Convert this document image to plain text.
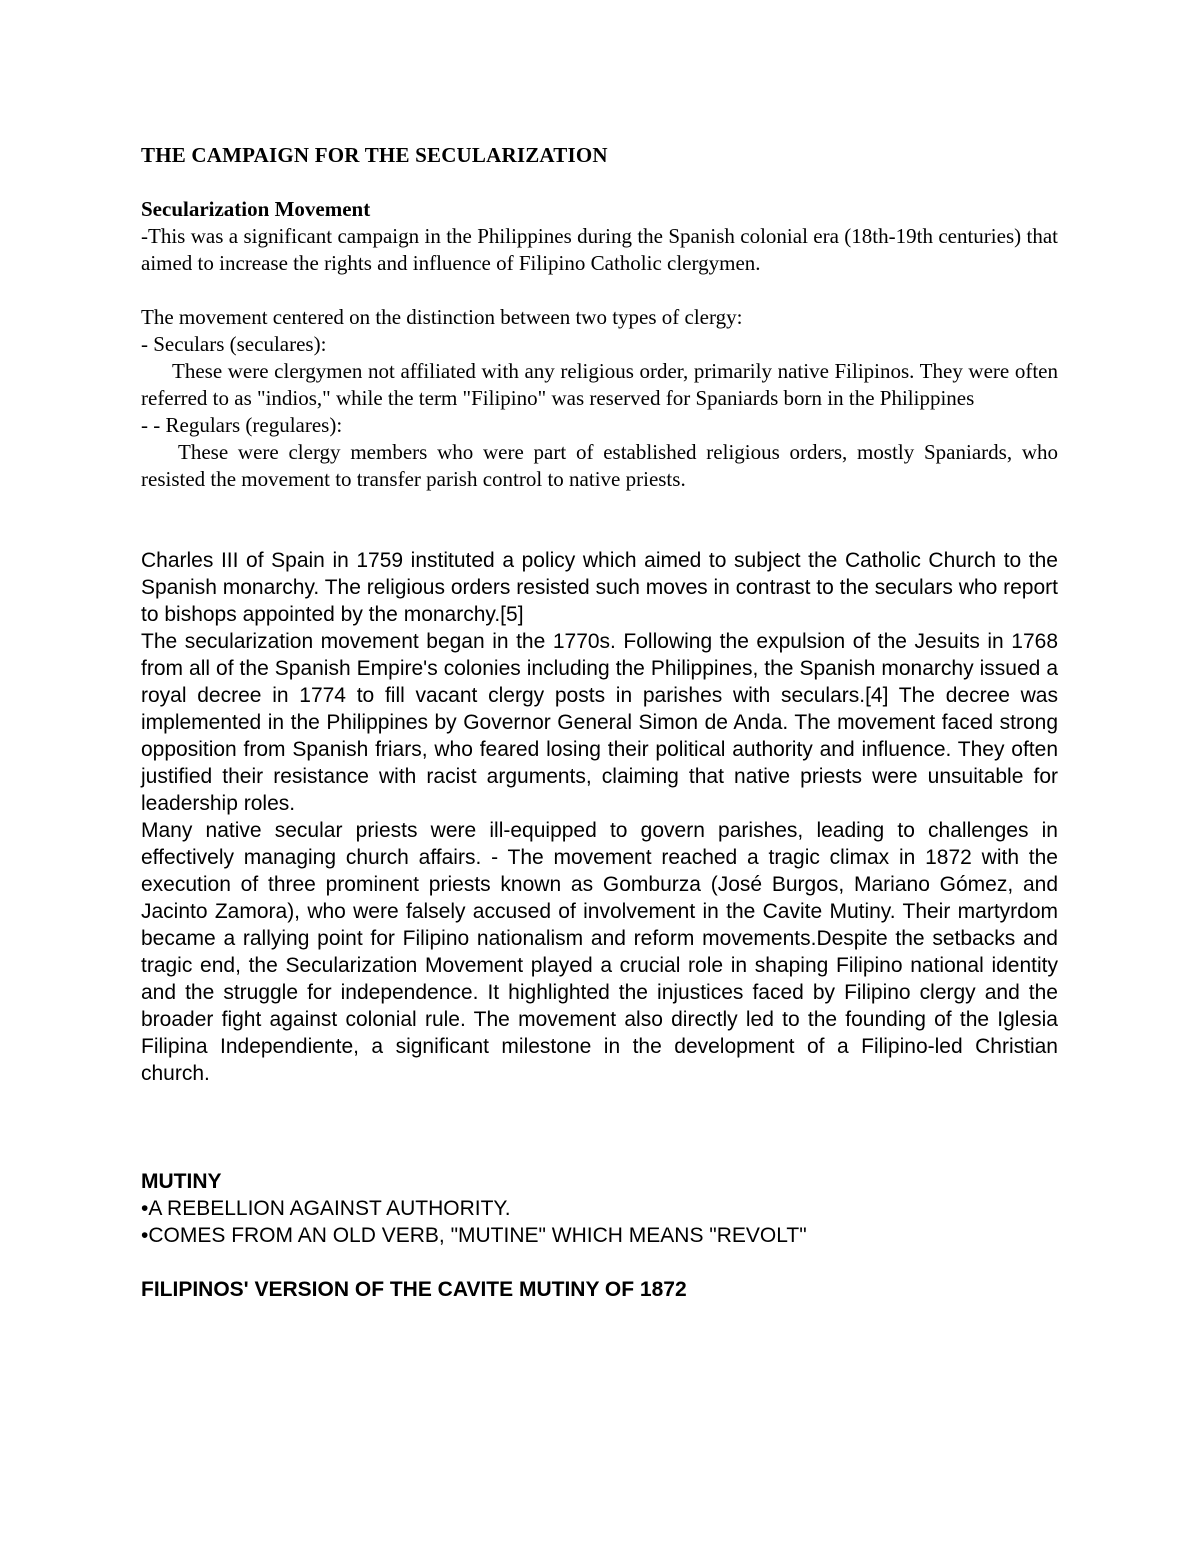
THE CAMPAIGN FOR THE SECULARIZATION

Secularization Movement

-This was a significant campaign in the Philippines during the Spanish colonial era (18th-19th centuries) that aimed to increase the rights and influence of Filipino Catholic clergymen.

The movement centered on the distinction between two types of clergy:

- Seculars (seculares):

These were clergymen not affiliated with any religious order, primarily native Filipinos. They were often referred to as "indios," while the term "Filipino" was reserved for Spaniards born in the Philippines

- - Regulars (regulares):

These were clergy members who were part of established religious orders, mostly Spaniards, who resisted the movement to transfer parish control to native priests.

Charles III of Spain in 1759 instituted a policy which aimed to subject the Catholic Church to the Spanish monarchy. The religious orders resisted such moves in contrast to the seculars who report to bishops appointed by the monarchy.[5]

The secularization movement began in the 1770s. Following the expulsion of the Jesuits in 1768 from all of the Spanish Empire's colonies including the Philippines, the Spanish monarchy issued a royal decree in 1774 to fill vacant clergy posts in parishes with seculars.[4] The decree was implemented in the Philippines by Governor General Simon de Anda. The movement faced strong opposition from Spanish friars, who feared losing their political authority and influence. They often justified their resistance with racist arguments, claiming that native priests were unsuitable for leadership roles.

Many native secular priests were ill-equipped to govern parishes, leading to challenges in effectively managing church affairs. - The movement reached a tragic climax in 1872 with the execution of three prominent priests known as Gomburza (José Burgos, Mariano Gómez, and Jacinto Zamora), who were falsely accused of involvement in the Cavite Mutiny. Their martyrdom became a rallying point for Filipino nationalism and reform movements.Despite the setbacks and tragic end, the Secularization Movement played a crucial role in shaping Filipino national identity and the struggle for independence. It highlighted the injustices faced by Filipino clergy and the broader fight against colonial rule. The movement also directly led to the founding of the Iglesia Filipina Independiente, a significant milestone in the development of a Filipino-led Christian church.

MUTINY

•A REBELLION AGAINST AUTHORITY.

•COMES FROM AN OLD VERB, "MUTINE" WHICH MEANS "REVOLT"

FILIPINOS' VERSION OF THE CAVITE MUTINY OF 1872
